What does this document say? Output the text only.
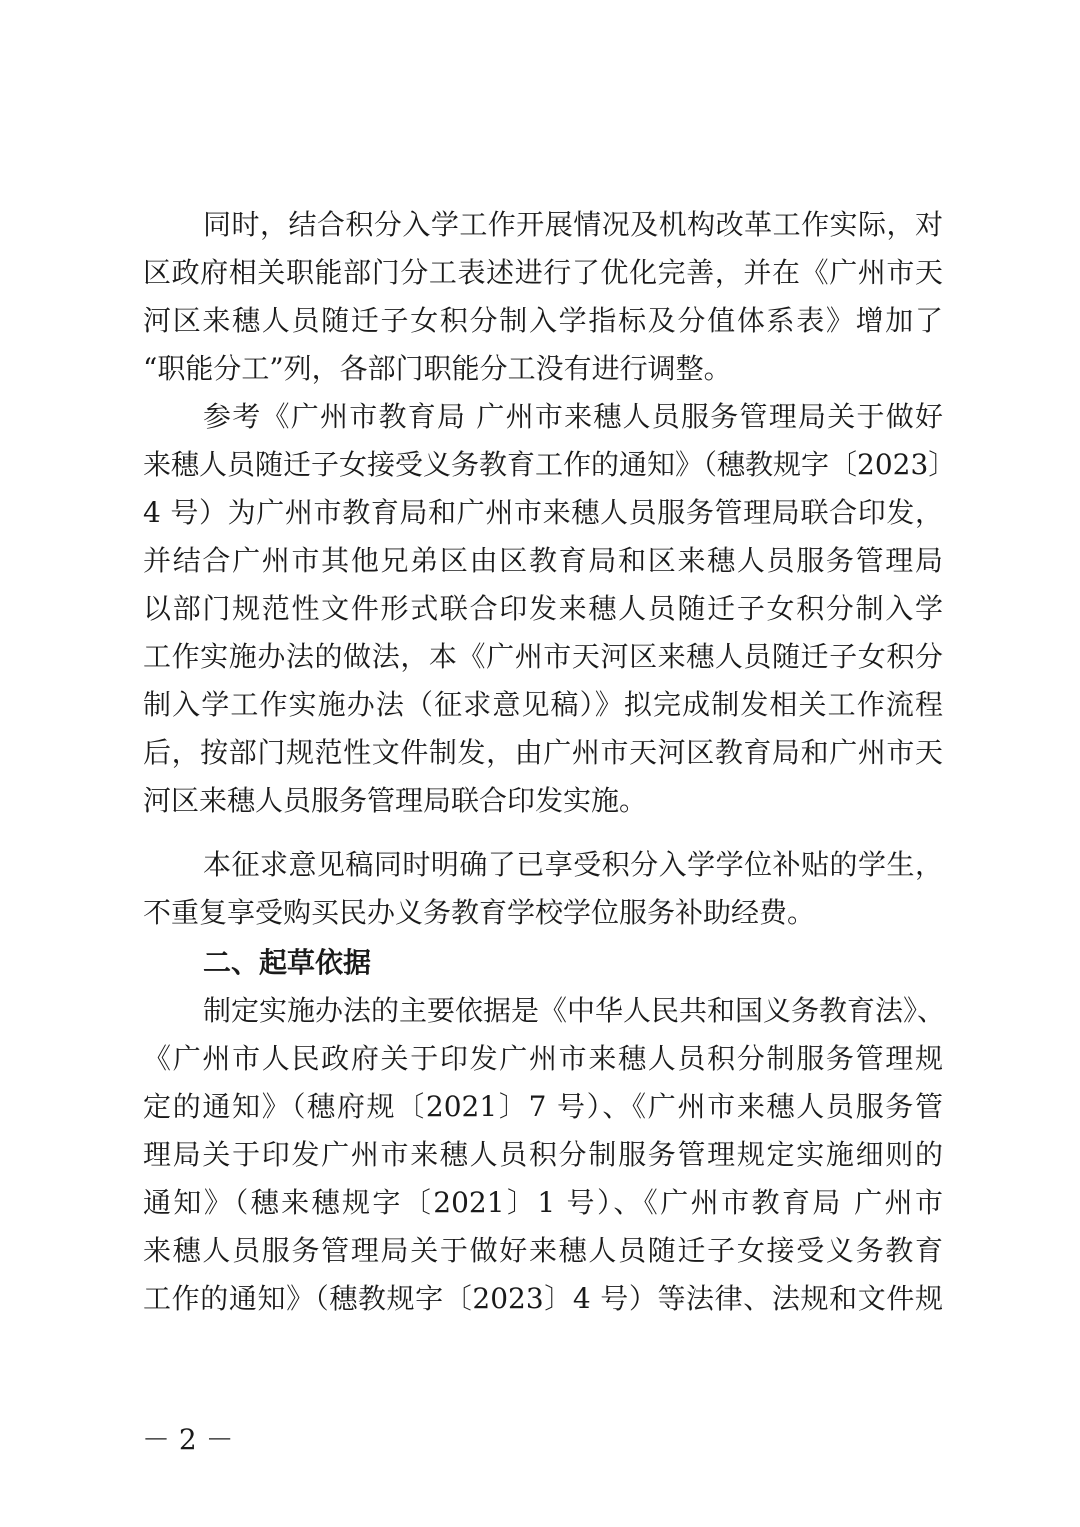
同时，结合积分入学工作开展情况及机构改革工作实际，对
区政府相关职能部门分工表述进行了优化完善，并在《广州市天
河区来穗人员随迁子女积分制入学指标及分值体系表》增加了
“职能分工”列，各部门职能分工没有进行调整。
参考《广州市教育局 广州市来穗人员服务管理局关于做好
来穗人员随迁子女接受义务教育工作的通知》（穗教规字〔2023〕
4 号）为广州市教育局和广州市来穗人员服务管理局联合印发，
并结合广州市其他兄弟区由区教育局和区来穗人员服务管理局
以部门规范性文件形式联合印发来穗人员随迁子女积分制入学
工作实施办法的做法，本《广州市天河区来穗人员随迁子女积分
制入学工作实施办法（征求意见稿）》拟完成制发相关工作流程
后，按部门规范性文件制发，由广州市天河区教育局和广州市天
河区来穗人员服务管理局联合印发实施。
本征求意见稿同时明确了已享受积分入学学位补贴的学生，
不重复享受购买民办义务教育学校学位服务补助经费。
二、起草依据
制定实施办法的主要依据是《中华人民共和国义务教育法》、
《广州市人民政府关于印发广州市来穗人员积分制服务管理规
定的通知》（穗府规〔2021〕7 号）、《广州市来穗人员服务管
理局关于印发广州市来穗人员积分制服务管理规定实施细则的
通知》（穗来穗规字〔2021〕1 号）、《广州市教育局 广州市
来穗人员服务管理局关于做好来穗人员随迁子女接受义务教育
工作的通知》（穗教规字〔2023〕4 号）等法律、法规和文件规
－ 2 －
